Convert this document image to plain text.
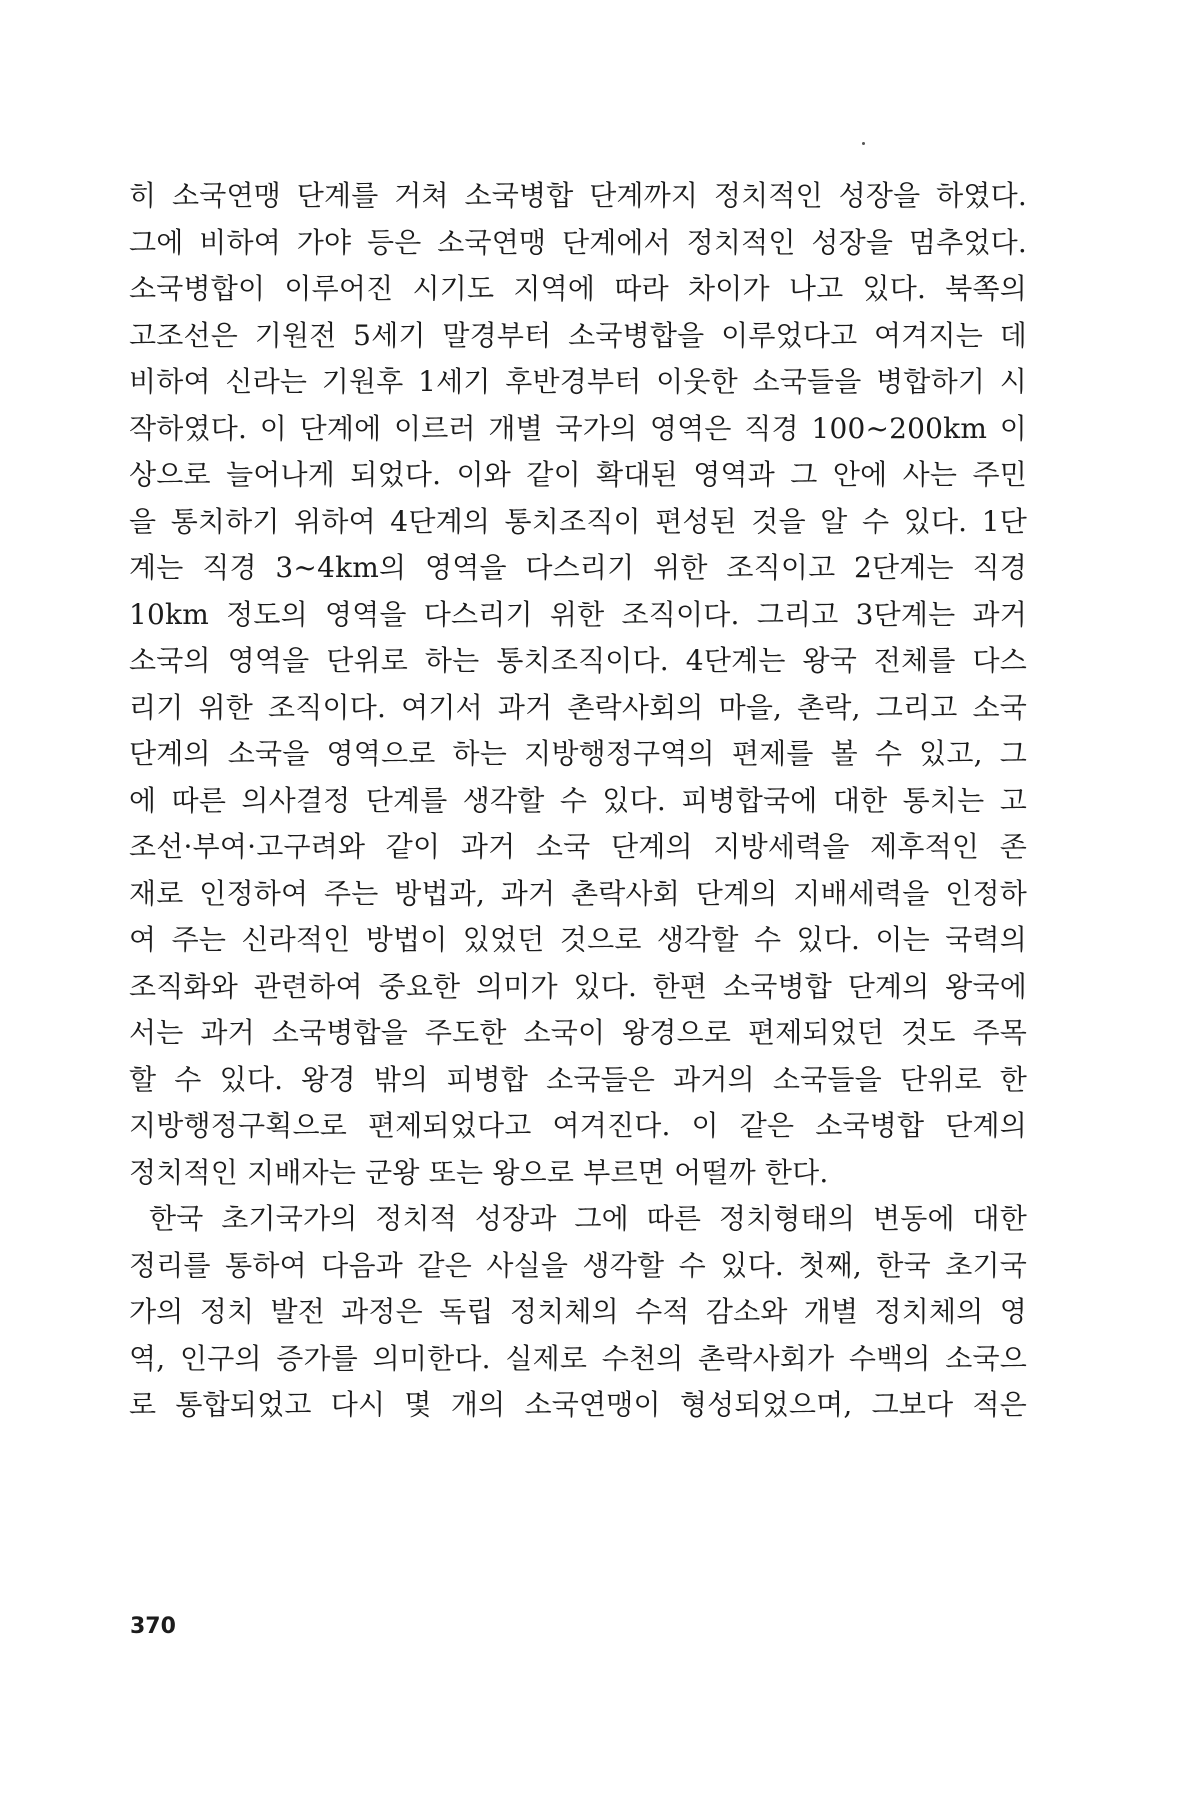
히 소국연맹 단계를 거쳐 소국병합 단계까지 정치적인 성장을 하였다.
그에 비하여 가야 등은 소국연맹 단계에서 정치적인 성장을 멈추었다.
소국병합이 이루어진 시기도 지역에 따라 차이가 나고 있다. 북쪽의
고조선은 기원전 5세기 말경부터 소국병합을 이루었다고 여겨지는 데
비하여 신라는 기원후 1세기 후반경부터 이웃한 소국들을 병합하기 시
작하였다. 이 단계에 이르러 개별 국가의 영역은 직경 100~200km 이
상으로 늘어나게 되었다. 이와 같이 확대된 영역과 그 안에 사는 주민
을 통치하기 위하여 4단계의 통치조직이 편성된 것을 알 수 있다. 1단
계는 직경 3~4km의 영역을 다스리기 위한 조직이고 2단계는 직경
10km 정도의 영역을 다스리기 위한 조직이다. 그리고 3단계는 과거
소국의 영역을 단위로 하는 통치조직이다. 4단계는 왕국 전체를 다스
리기 위한 조직이다. 여기서 과거 촌락사회의 마을, 촌락, 그리고 소국
단계의 소국을 영역으로 하는 지방행정구역의 편제를 볼 수 있고, 그
에 따른 의사결정 단계를 생각할 수 있다. 피병합국에 대한 통치는 고
조선·부여·고구려와 같이 과거 소국 단계의 지방세력을 제후적인 존
재로 인정하여 주는 방법과, 과거 촌락사회 단계의 지배세력을 인정하
여 주는 신라적인 방법이 있었던 것으로 생각할 수 있다. 이는 국력의
조직화와 관련하여 중요한 의미가 있다. 한편 소국병합 단계의 왕국에
서는 과거 소국병합을 주도한 소국이 왕경으로 편제되었던 것도 주목
할 수 있다. 왕경 밖의 피병합 소국들은 과거의 소국들을 단위로 한
지방행정구획으로 편제되었다고 여겨진다. 이 같은 소국병합 단계의
정치적인 지배자는 군왕 또는 왕으로 부르면 어떨까 한다.
한국 초기국가의 정치적 성장과 그에 따른 정치형태의 변동에 대한
정리를 통하여 다음과 같은 사실을 생각할 수 있다. 첫째, 한국 초기국
가의 정치 발전 과정은 독립 정치체의 수적 감소와 개별 정치체의 영
역, 인구의 증가를 의미한다. 실제로 수천의 촌락사회가 수백의 소국으
로 통합되었고 다시 몇 개의 소국연맹이 형성되었으며, 그보다 적은
370
